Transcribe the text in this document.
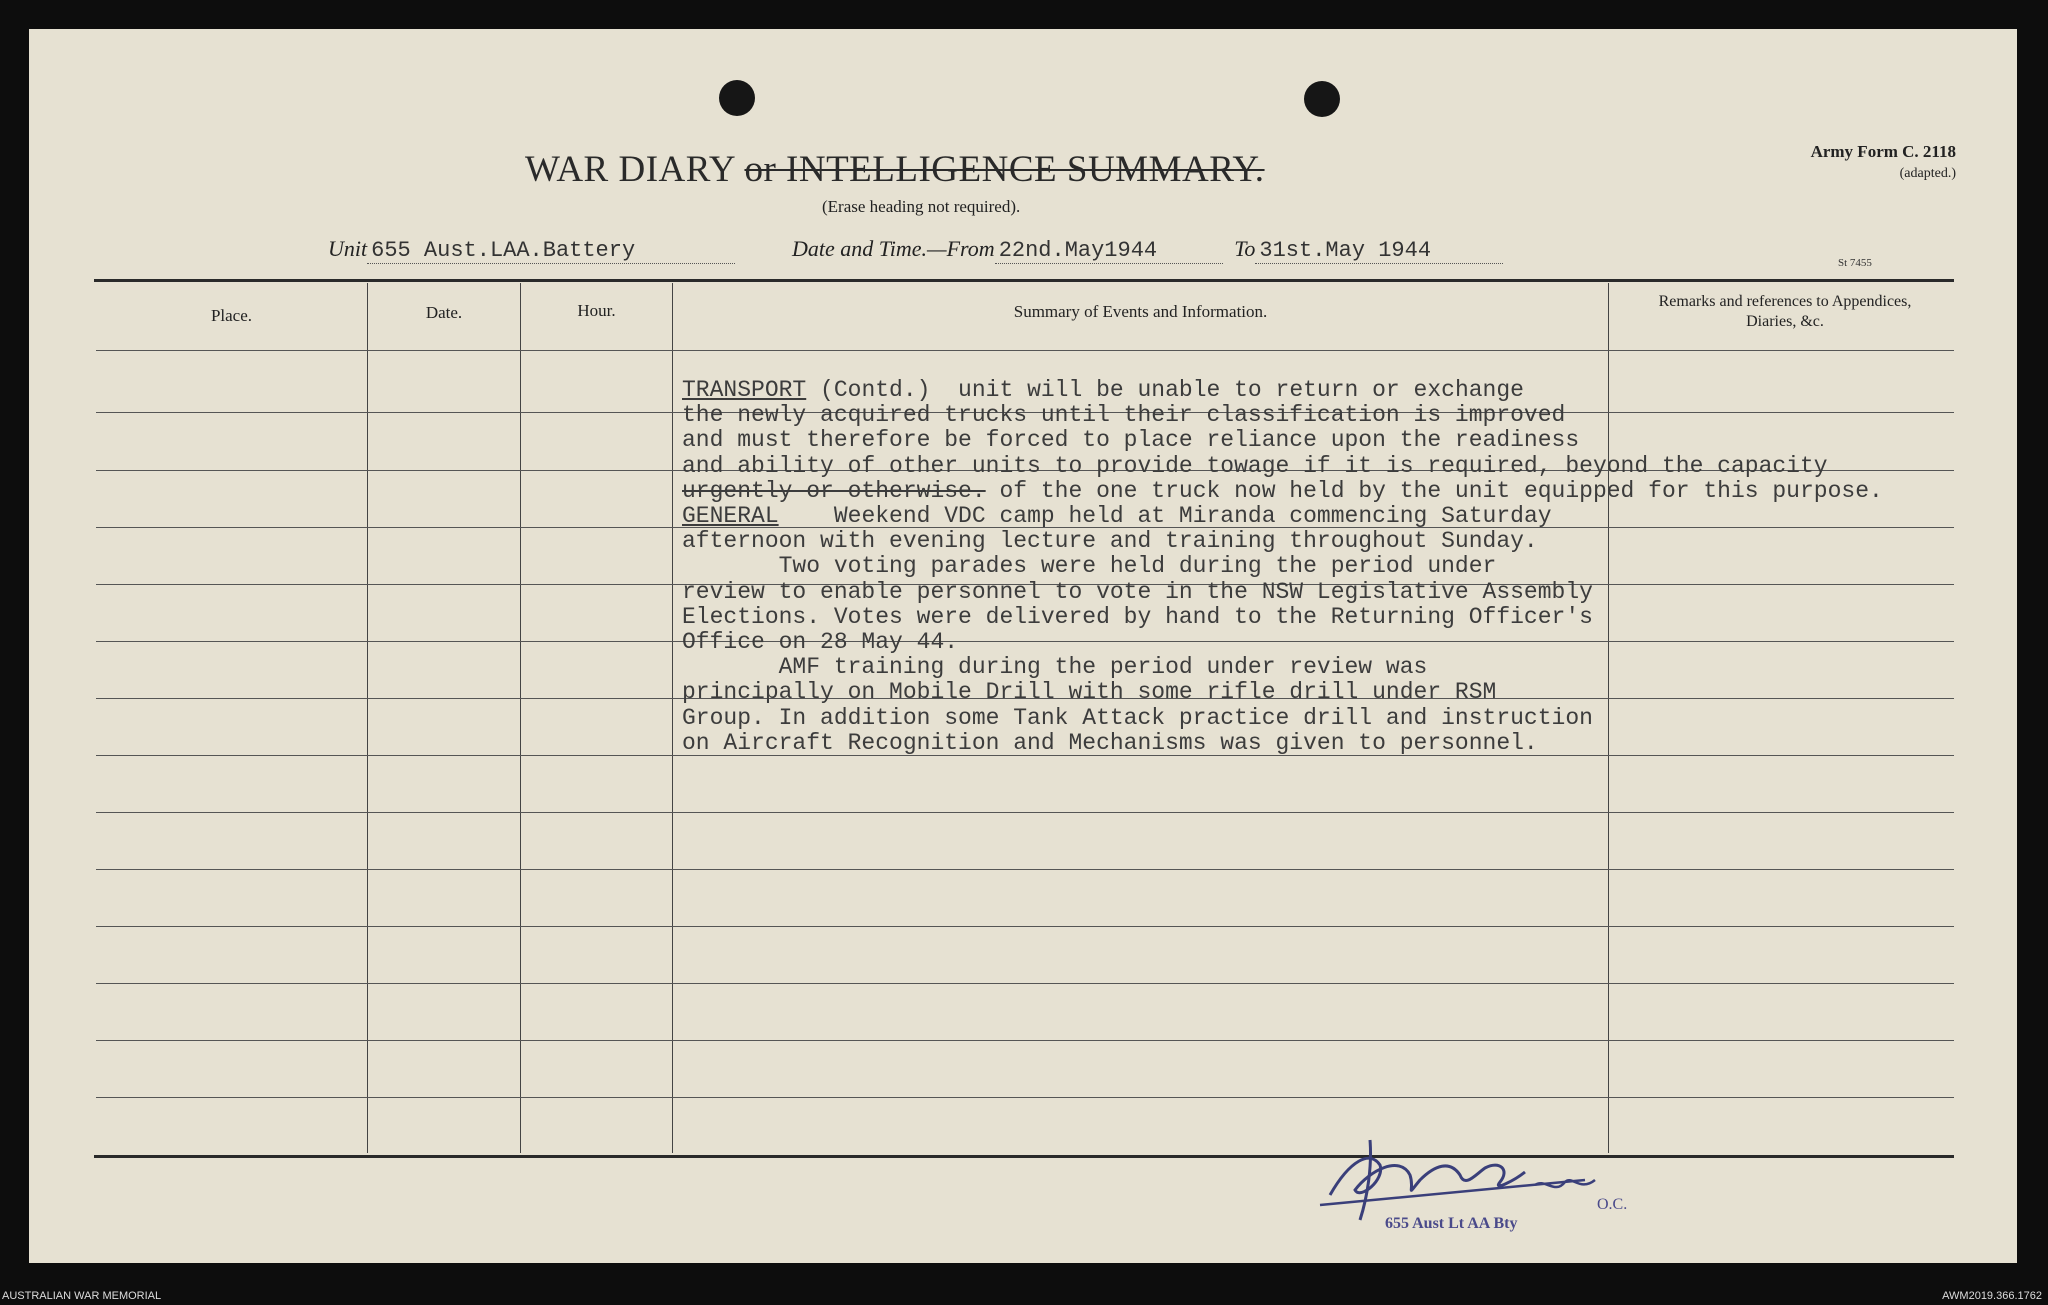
WAR DIARY or INTELLIGENCE SUMMARY.
(Erase heading not required).
Army Form C. 2118
(adapted.)
St 7455
Unit 655 Aust.LAA.Battery	Date and Time.—From 22nd.May1944	To 31st.May 1944
Place.	Date.	Hour.	Summary of Events and Information.
Remarks and references to Appendices, Diaries, &c.
TRANSPORT (Contd.)  unit will be unable to return or exchange
the newly acquired trucks until their classification is improved
and must therefore be forced to place reliance upon the readiness
and ability of other units to provide towage if it is required, beyond the capacity
urgently or otherwise. of the one truck now held by the unit equipped for this purpose.
GENERAL    Weekend VDC camp held at Miranda commencing Saturday
afternoon with evening lecture and training throughout Sunday.
Two voting parades were held during the period under
review to enable personnel to vote in the NSW Legislative Assembly
Elections. Votes were delivered by hand to the Returning Officer's
Office on 28 May 44.
AMF training during the period under review was
principally on Mobile Drill with some rifle drill under RSM
Group. In addition some Tank Attack practice drill and instruction
on Aircraft Recognition and Mechanisms was given to personnel.
O.C.
655 Aust Lt AA Bty
AUSTRALIAN WAR MEMORIAL	AWM2019.366.1762
